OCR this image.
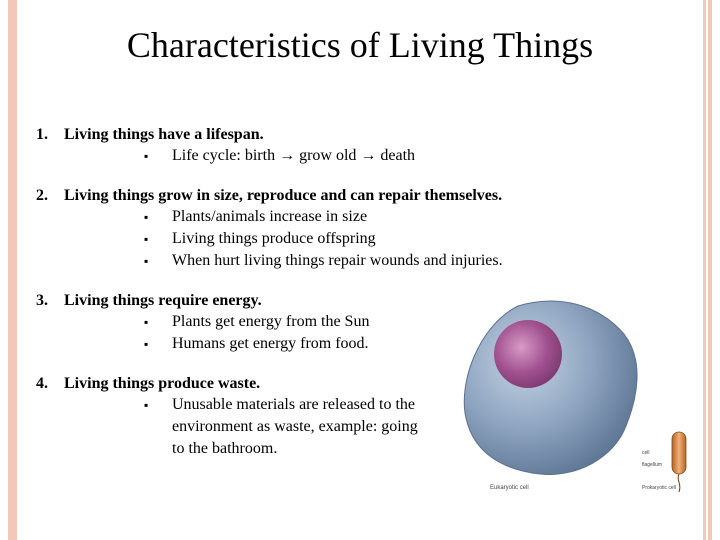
Characteristics of Living Things
1.	Living things have a lifespan.
▪	Life cycle: birth → grow old → death
2.	Living things grow in size, reproduce and can repair themselves.
▪	Plants/animals increase in size
▪	Living things produce offspring
▪	When hurt living things repair wounds and injuries.
3.	Living things require energy.
▪	Plants get energy from the Sun
▪	Humans get energy from food.
4.	Living things produce waste.
▪	Unusable materials are released to the environment as waste, example: going to the bathroom.
Eukaryotic cell
cell
flagellum
Prokaryotic cell
